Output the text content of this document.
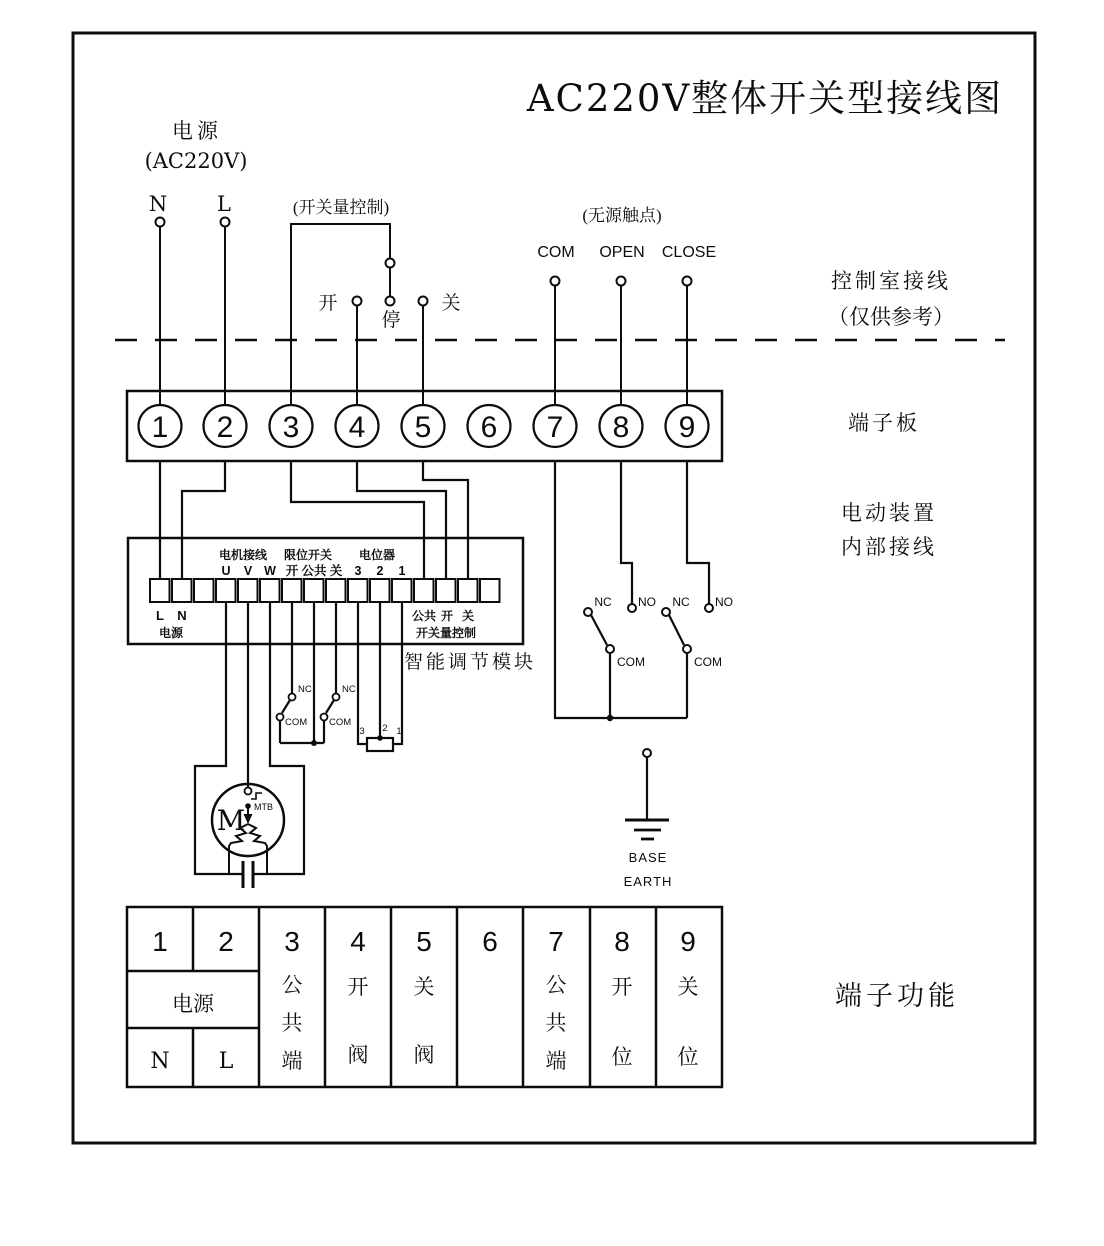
AC220V整体开关型接线图
电源
(AC220V)
N L	(开关量控制)
开
停
关
(无源触点)
COM OPEN CLOSE
控制室接线
（仅供参考）
端子板
电动装置
内部接线
端子功能
1 2 3 4 5 6 7 8 9
NC NO NC NO
COM	COM
BASE
EARTH
电机接线 限位开关 电位器
U V W 开 公共 关 3 2 1
L N
电源
公共 开 关
开关量控制
智能调节模块
NC
COM
NC
COM
3 2 1
M MTB
1 2 3 4 5 6 7 8 9
电源
N L
公
共
端
开
阀
关
阀
公
共
端
开
位
关
位
